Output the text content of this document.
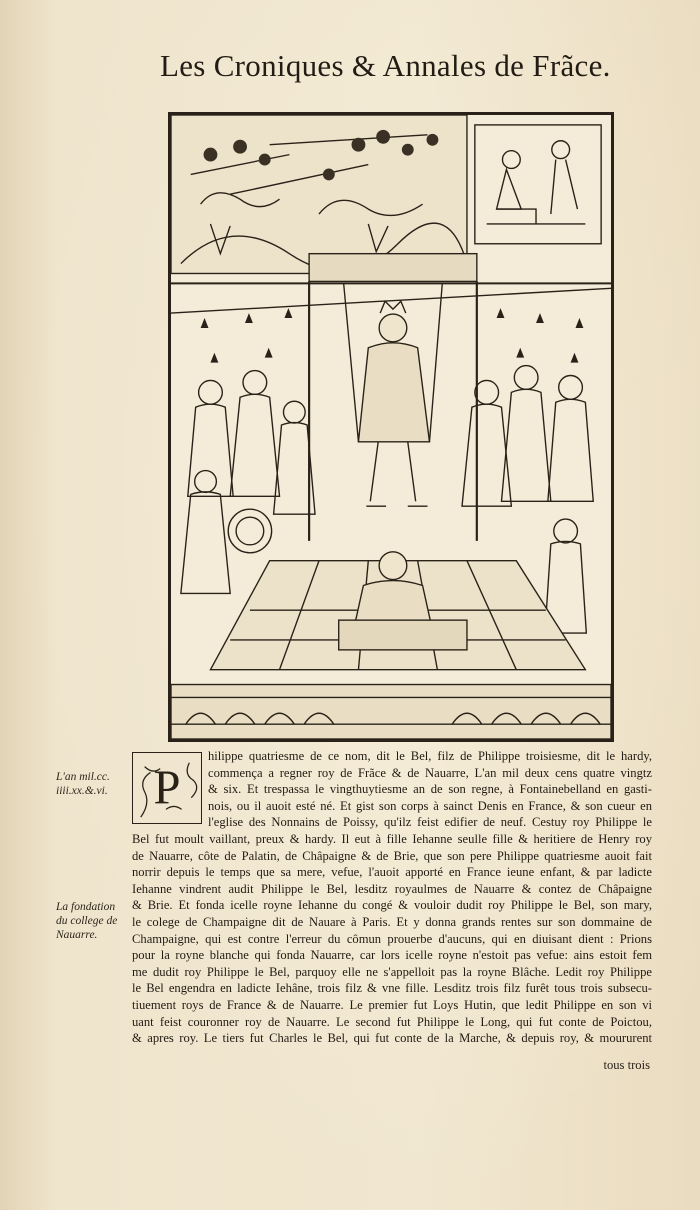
Les Croniques & Annales de Frãce.
P
L'an mil.cc. iiii.xx.&.vi.
La fondation du college de Nauarre.
hilippe quatriesme de ce nom, dit le Bel, filz de Philippe troisiesme, dit le hardy,
commença a regner roy de Frãce & de Nauarre, L'an mil deux cens quatre vingtz
& six. Et trespassa le vingthuytiesme an de son regne, à Fontainebelland en gasti-
nois, ou il auoit esté né. Et gist son corps à sainct Denis en France, & son cueur en
l'eglise des Nonnains de Poissy, qu'ilz feist edifier de neuf. Cestuy roy Philippe le
Bel fut moult vaillant, preux & hardy. Il eut à fille Iehanne seulle fille & heritiere de Henry roy
de Nauarre, côte de Palatin, de Châpaigne & de Brie, que son pere Philippe quatriesme auoit fait
norrir depuis le temps que sa mere, vefue, l'auoit apporté en France ieune enfant, & par ladicte
Iehanne vindrent audit Philippe le Bel, lesditz royaulmes de Nauarre & contez de Châpaigne
& Brie. Et fonda icelle royne Iehanne du congé & vouloir dudit roy Philippe le Bel, son mary,
le colege de Champaigne dit de Nauare à Paris. Et y donna grands rentes sur son dommaine de
Champaigne, qui est contre l'erreur du cômun prouerbe d'aucuns, qui en diuisant dient : Prions
pour la royne blanche qui fonda Nauarre, car lors icelle royne n'estoit pas vefue: ains estoit fem
me dudit roy Philippe le Bel, parquoy elle ne s'appelloit pas la royne Blâche. Ledit roy Philippe
le Bel engendra en ladicte Iehâne, trois filz & vne fille. Lesditz trois filz furêt tous trois subsecu-
tiuement roys de France & de Nauarre. Le premier fut Loys Hutin, que ledit Philippe en son vi
uant feist couronner roy de Nauarre. Le second fut Philippe le Long, qui fut conte de Poictou,
& apres roy. Le tiers fut Charles le Bel, qui fut conte de la Marche, & depuis roy, & moururent
tous trois
